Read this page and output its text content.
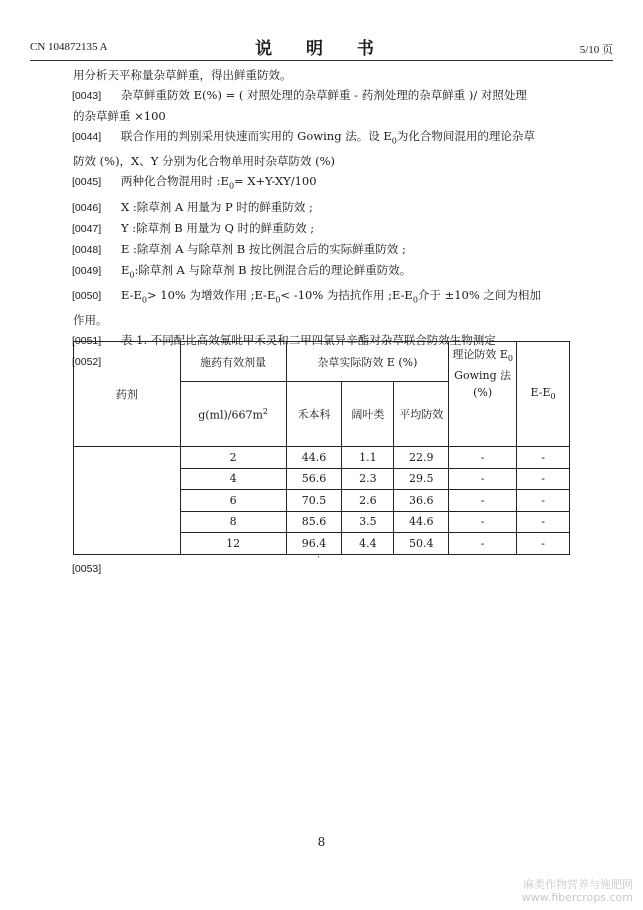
CN 104872135 A	说 明 书	5/10 页

用分析天平称量杂草鲜重，得出鲜重防效。

[0043] 杂草鲜重防效 E(%) = ( 对照处理的杂草鲜重 - 药剂处理的杂草鲜重 )/ 对照处理

的杂草鲜重 ×100

[0044] 联合作用的判别采用快速而实用的 Gowing 法。设 $E_0$为化合物间混用的理论杂草

防效 (%)，X、Y 分别为化合物单用时杂草防效 (%)

[0045] 两种化合物混用时 $:E_0= X+Y-XY/100$

[0046] X :除草剂 A 用量为 P 时的鲜重防效 ;

[0047] Y :除草剂 B 用量为 Q 时的鲜重防效 ;

[0048] E :除草剂 A 与除草剂 B 按比例混合后的实际鲜重防效 ;

[0049] $E_0$:除草剂 A 与除草剂 B 按比例混合后的理论鲜重防效。

[0050] $E-E_0> 10\%$ 为增效作用 $;E-E_0< -10\%$ 为拮抗作用 $;E-E_0$介于 ±10% 之间为相加

作用。

[0051] 表 1. 不同配比高效氟吡甲禾灵和二甲四氯异辛酯对杂草联合防效生物测定

[0052]

药剂	施药有效剂量	杂草实际防效 E (%)			理论防效 $E_0$
Gowing 法 (%)	$E-E_0$
	$g(ml)/667m^2$	禾本科	阔叶类	平均防效		
	2	44.6	1.1	22.9	-	-
	4	56.6	2.3	29.5	-	-
	6	70.5	2.6	36.6	-	-
	8	85.6	3.5	44.6	-	-
	12	96.4	4.4	50.4	-	-
·
[0053]
8
麻类作物营养与施肥网
www.fibercrops.com
